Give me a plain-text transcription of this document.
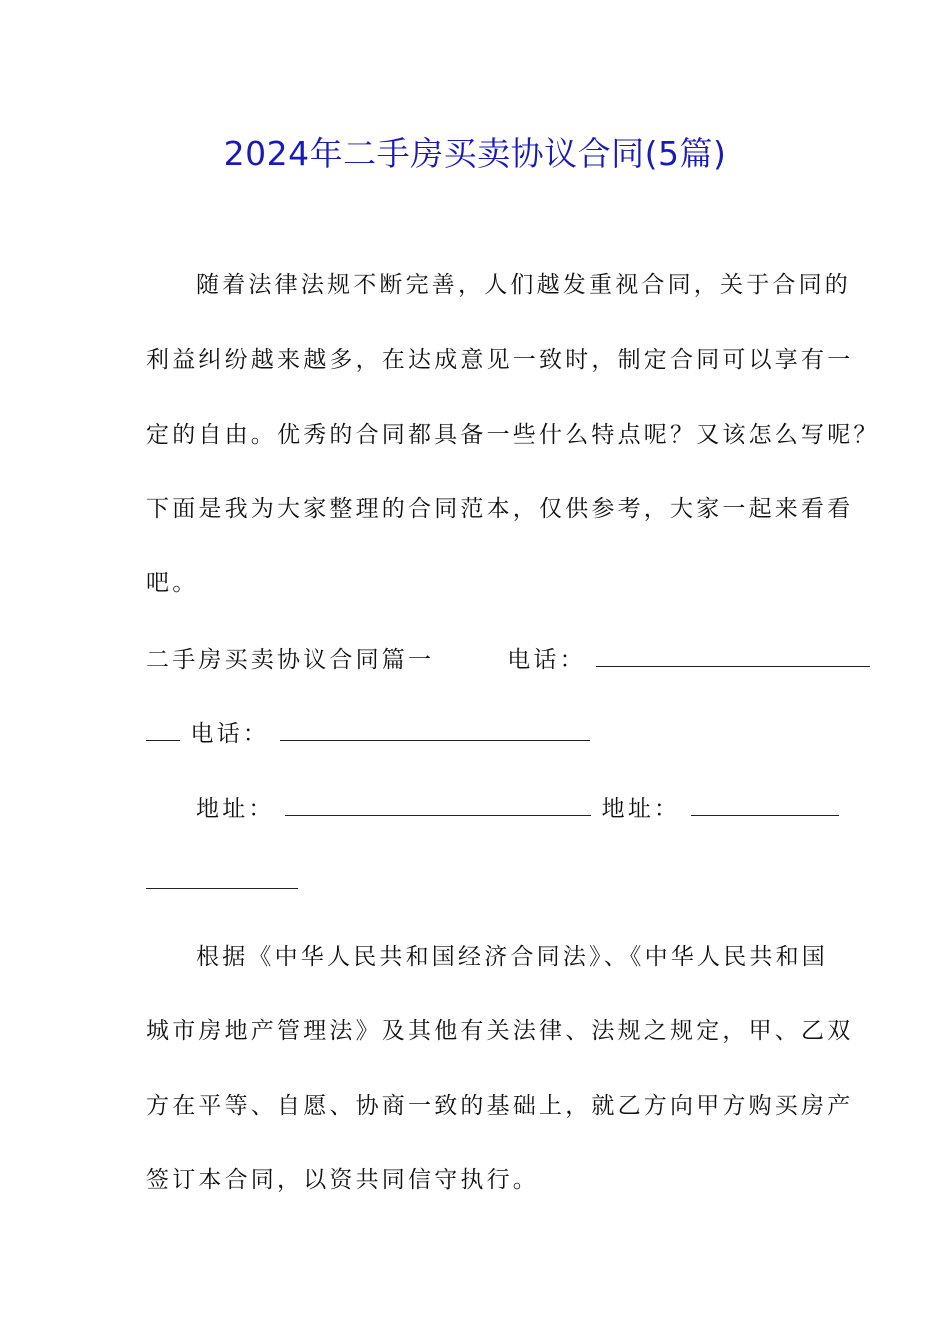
2024年二手房买卖协议合同(5篇)
随着法律法规不断完善，人们越发重视合同，关于合同的
利益纠纷越来越多，在达成意见一致时，制定合同可以享有一
定的自由。优秀的合同都具备一些什么特点呢？又该怎么写呢？
下面是我为大家整理的合同范本，仅供参考，大家一起来看看
吧。
二手房买卖协议合同篇一	电话：
电话：
地址：	地址：
根据《中华人民共和国经济合同法》、《中华人民共和国
城市房地产管理法》及其他有关法律、法规之规定，甲、乙双
方在平等、自愿、协商一致的基础上，就乙方向甲方购买房产
签订本合同，以资共同信守执行。
